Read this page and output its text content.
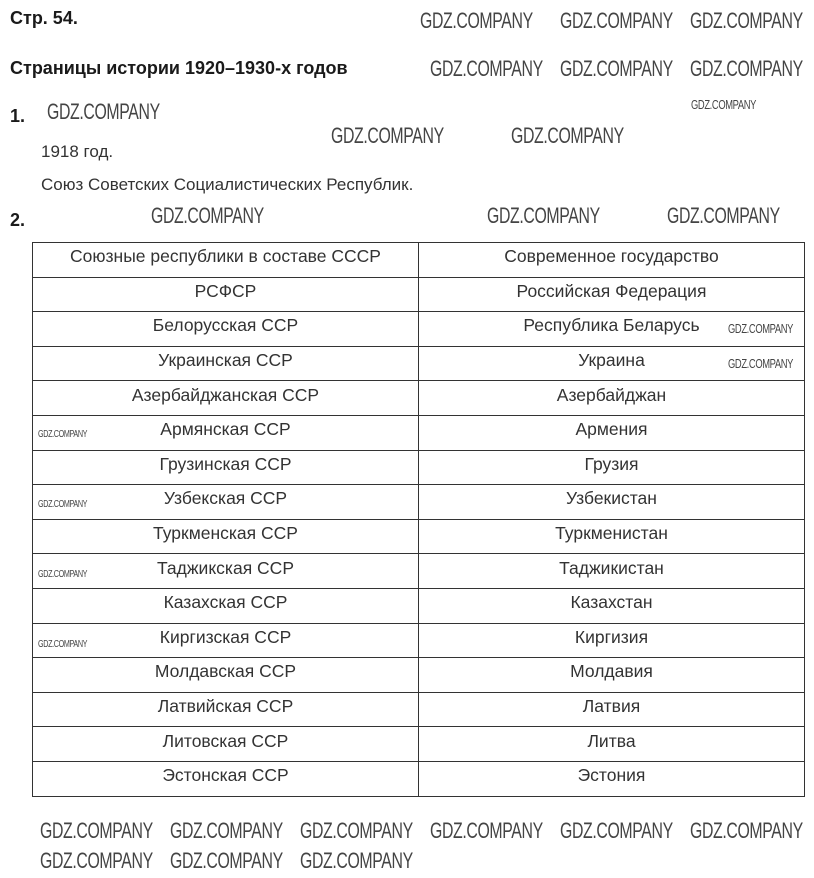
Стр. 54.
Страницы истории 1920–1930-х годов
1.
1918 год.
Союз Советских Социалистических Республик.
2.
Союзные республики в составе СССР	Современное государство
РСФСР	Российская Федерация
Белорусская ССР	Республика Беларусь
Украинская ССР	Украина
Азербайджанская ССР	Азербайджан
Армянская ССР	Армения
Грузинская ССР	Грузия
Узбекская ССР	Узбекистан
Туркменская ССР	Туркменистан
Таджикская ССР	Таджикистан
Казахская ССР	Казахстан
Киргизская ССР	Киргизия
Молдавская ССР	Молдавия
Латвийская ССР	Латвия
Литовская ССР	Литва
Эстонская ССР	Эстония
GDZ.COMPANY GDZ.COMPANY GDZ.COMPANY
GDZ.COMPANY GDZ.COMPANY GDZ.COMPANY
GDZ.COMPANY
GDZ.COMPANY	GDZ.COMPANY
GDZ.COMPANY	GDZ.COMPANY	GDZ.COMPANY
GDZ.COMPANY GDZ.COMPANY GDZ.COMPANY GDZ.COMPANY GDZ.COMPANY GDZ.COMPANY
GDZ.COMPANY GDZ.COMPANY GDZ.COMPANY
GDZ.COMPANY
GDZ.COMPANY
GDZ.COMPANY
GDZ.COMPANY
GDZ.COMPANY
GDZ.COMPANY
GDZ.COMPANY
